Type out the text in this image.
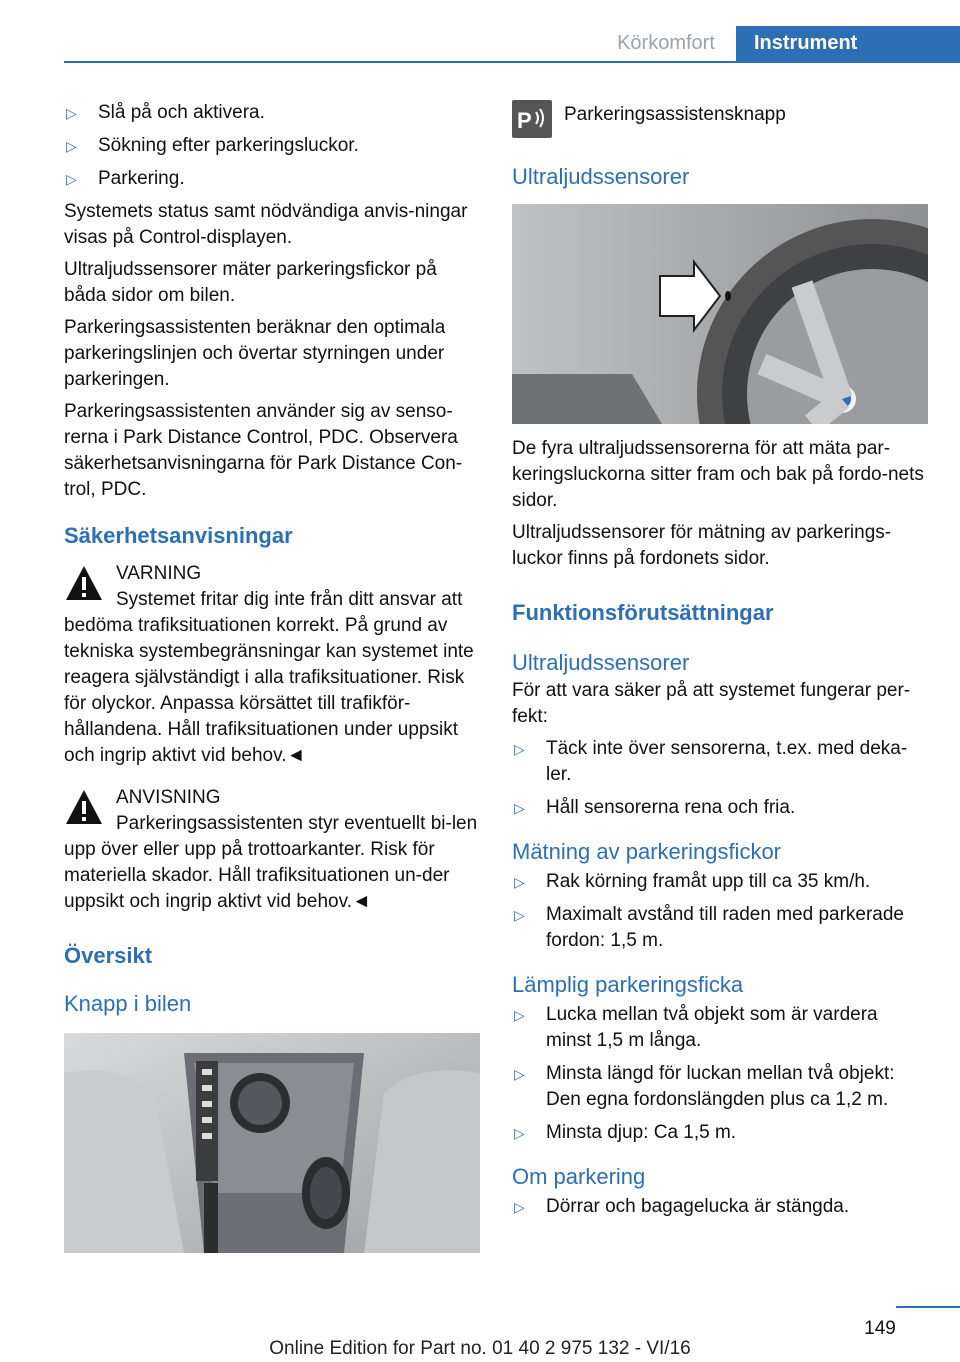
Körkomfort	Instrument
▷	Slå på och aktivera.
▷	Sökning efter parkeringsluckor.
▷	Parkering.

Systemets status samt nödvändiga anvis-ningar visas på Control-displayen.

Ultraljudssensorer mäter parkeringsfickor på båda sidor om bilen.

Parkeringsassistenten beräknar den optimala parkeringslinjen och övertar styrningen under parkeringen.

Parkeringsassistenten använder sig av senso-rerna i Park Distance Control, PDC. Observera säkerhetsanvisningarna för Park Distance Con-trol, PDC.

Säkerhetsanvisningar

VARNING

Systemet fritar dig inte från ditt ansvar att bedöma trafiksituationen korrekt. På grund av tekniska systembegränsningar kan systemet inte reagera självständigt i alla trafiksituationer. Risk för olyckor. Anpassa körsättet till trafikför-hållandena. Håll trafiksituationen under uppsikt och ingrip aktivt vid behov.◄

ANVISNING

Parkeringsassistenten styr eventuellt bi-len upp över eller upp på trottoarkanter. Risk för materiella skador. Håll trafiksituationen un-der uppsikt och ingrip aktivt vid behov.◄

Översikt
Knapp i bilen
P Parkeringsassistensknapp
Ultraljudssensorer

De fyra ultraljudssensorerna för att mäta par-keringsluckorna sitter fram och bak på fordo-nets sidor.

Ultraljudssensorer för mätning av parkerings-luckor finns på fordonets sidor.

Funktionsförutsättningar
Ultraljudssensorer

För att vara säker på att systemet fungerar per-fekt:

▷	Täck inte över sensorerna, t.ex. med deka-ler.
▷	Håll sensorerna rena och fria.
Mätning av parkeringsfickor
▷	Rak körning framåt upp till ca 35 km/h.
▷	Maximalt avstånd till raden med parkerade fordon: 1,5 m.
Lämplig parkeringsficka
▷	Lucka mellan två objekt som är vardera minst 1,5 m långa.
▷	Minsta längd för luckan mellan två objekt: Den egna fordonslängden plus ca 1,2 m.
▷	Minsta djup: Ca 1,5 m.
Om parkering
▷	Dörrar och bagagelucka är stängda.
149
Online Edition for Part no. 01 40 2 975 132 - VI/16
